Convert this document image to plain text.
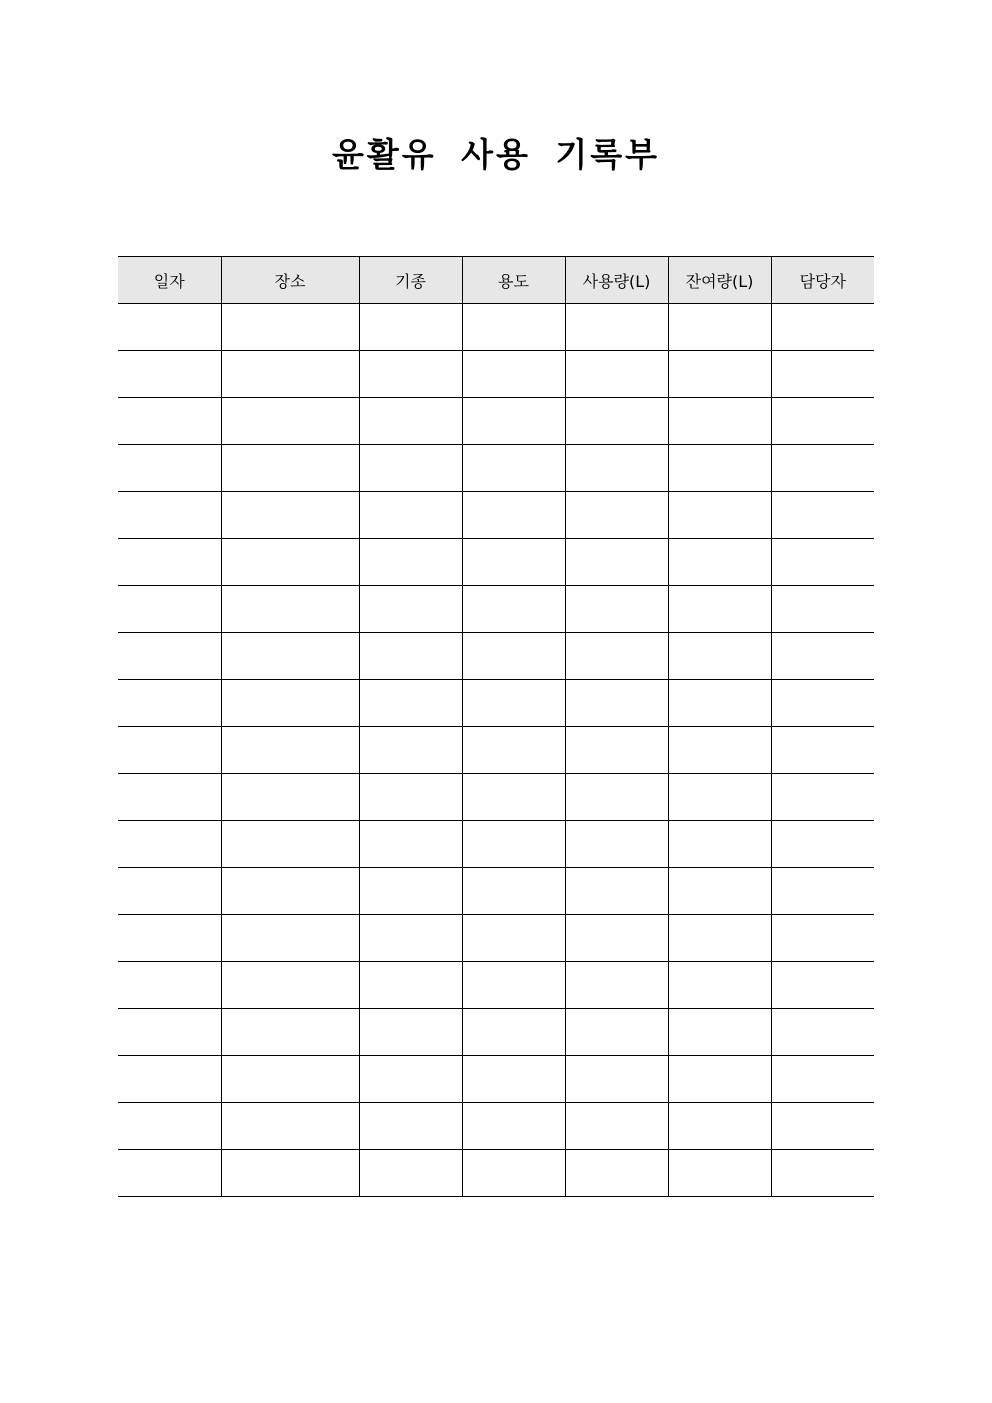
윤활유 사용 기록부
일자	장소	기종	용도	사용량(L)	잔여량(L)	담당자
